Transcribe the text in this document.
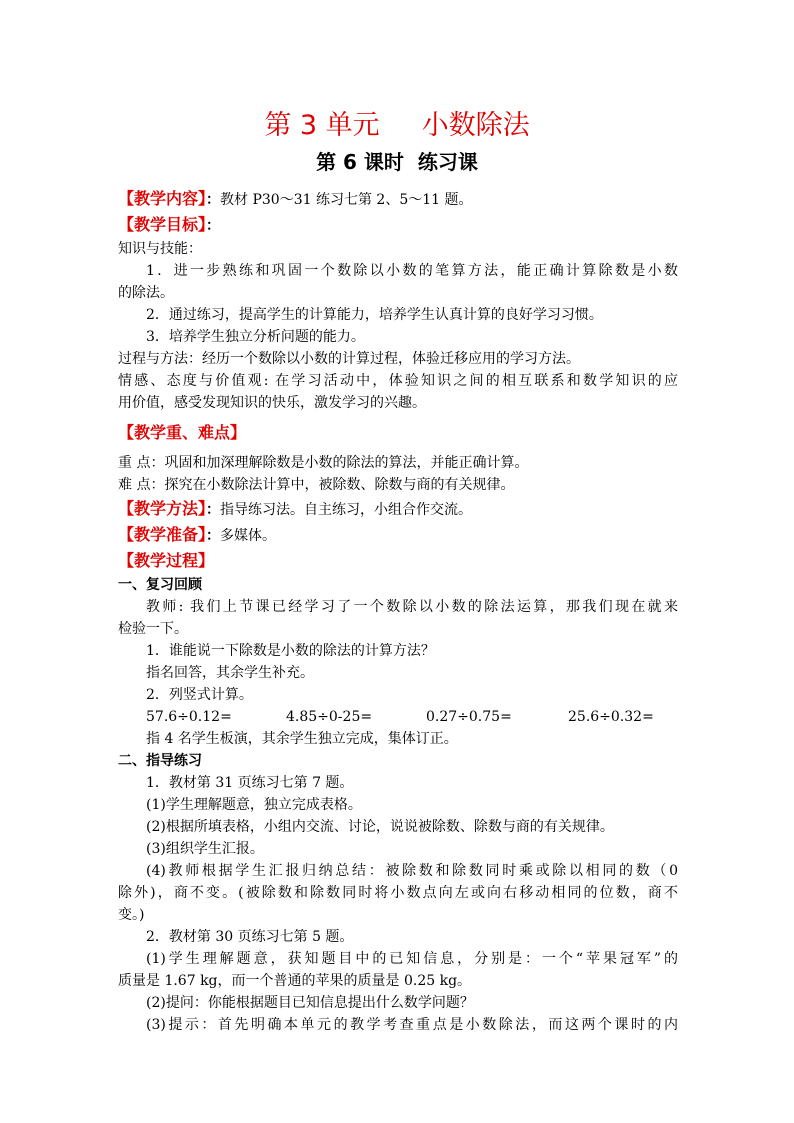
第 3 单元 小数除法
第 6 课时 练习课
【教学内容】：教材 P30～31 练习七第 2、5～11 题。
【教学目标】：
知识与技能：
1．进一步熟练和巩固一个数除以小数的笔算方法，能正确计算除数是小数
的除法。
2．通过练习，提高学生的计算能力，培养学生认真计算的良好学习习惯。
3．培养学生独立分析问题的能力。
过程与方法：经历一个数除以小数的计算过程，体验迁移应用的学习方法。
情感、态度与价值观: 在学习活动中，体验知识之间的相互联系和数学知识的应
用价值，感受发现知识的快乐，激发学习的兴趣。
【教学重、难点】
重 点：巩固和加深理解除数是小数的除法的算法，并能正确计算。
难 点：探究在小数除法计算中，被除数、除数与商的有关规律。
【教学方法】：指导练习法。自主练习，小组合作交流。
【教学准备】：多媒体。
【教学过程】
一、复习回顾
教师: 我们上节课已经学习了一个数除以小数的除法运算，那我们现在就来
检验一下。
1．谁能说一下除数是小数的除法的计算方法？
指名回答，其余学生补充。
2．列竖式计算。
57.6÷0.12=	4.85÷0-25=	0.27÷0.75=	25.6÷0.32=
指 4 名学生板演，其余学生独立完成，集体订正。
二、指导练习
1．教材第 31 页练习七第 7 题。
(1)学生理解题意，独立完成表格。
(2)根据所填表格，小组内交流、讨论，说说被除数、除数与商的有关规律。
(3)组织学生汇报。
(4)教师根据学生汇报归纳总结：被除数和除数同时乘或除以相同的数（0
除外)，商不变。(被除数和除数同时将小数点向左或向右移动相同的位数，商不
变。)
2．教材第 30 页练习七第 5 题。
(1)学生理解题意，获知题目中的已知信息，分别是：一个“苹果冠军”的
质量是 1.67 kg，而一个普通的苹果的质量是 0.25 kg。
(2)提问：你能根据题目已知信息提出什么数学问题？
(3)提示：首先明确本单元的教学考查重点是小数除法，而这两个课时的内
